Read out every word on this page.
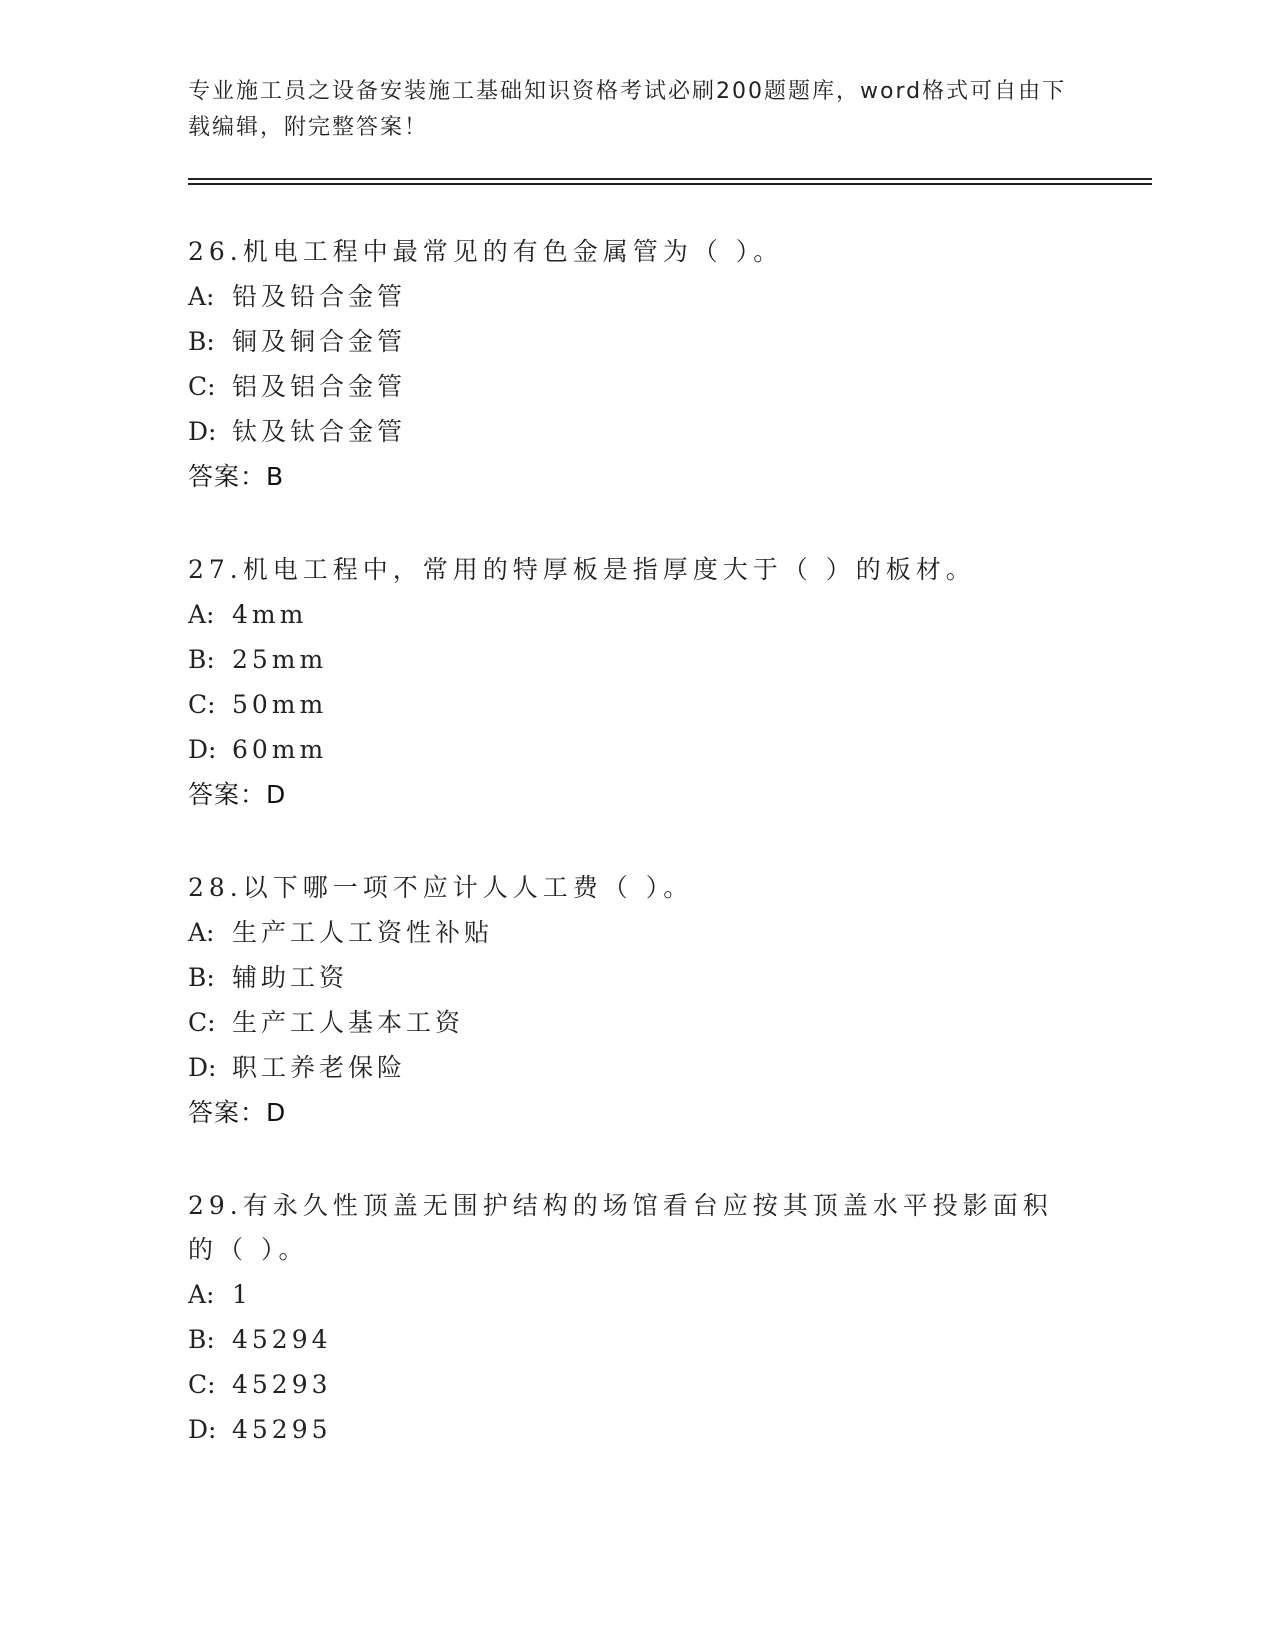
专业施工员之设备安装施工基础知识资格考试必刷200题题库，word格式可自由下载编辑，附完整答案！
26.机电工程中最常见的有色金属管为（ ）。
A: 铅及铅合金管
B: 铜及铜合金管
C: 铝及铝合金管
D: 钛及钛合金管
答案：B
27.机电工程中，常用的特厚板是指厚度大于（ ）的板材。
A: 4mm
B: 25mm
C: 50mm
D: 60mm
答案：D
28.以下哪一项不应计人人工费（ ）。
A: 生产工人工资性补贴
B: 辅助工资
C: 生产工人基本工资
D: 职工养老保险
答案：D
29.有永久性顶盖无围护结构的场馆看台应按其顶盖水平投影面积的（ ）。
A: 1
B: 45294
C: 45293
D: 45295
